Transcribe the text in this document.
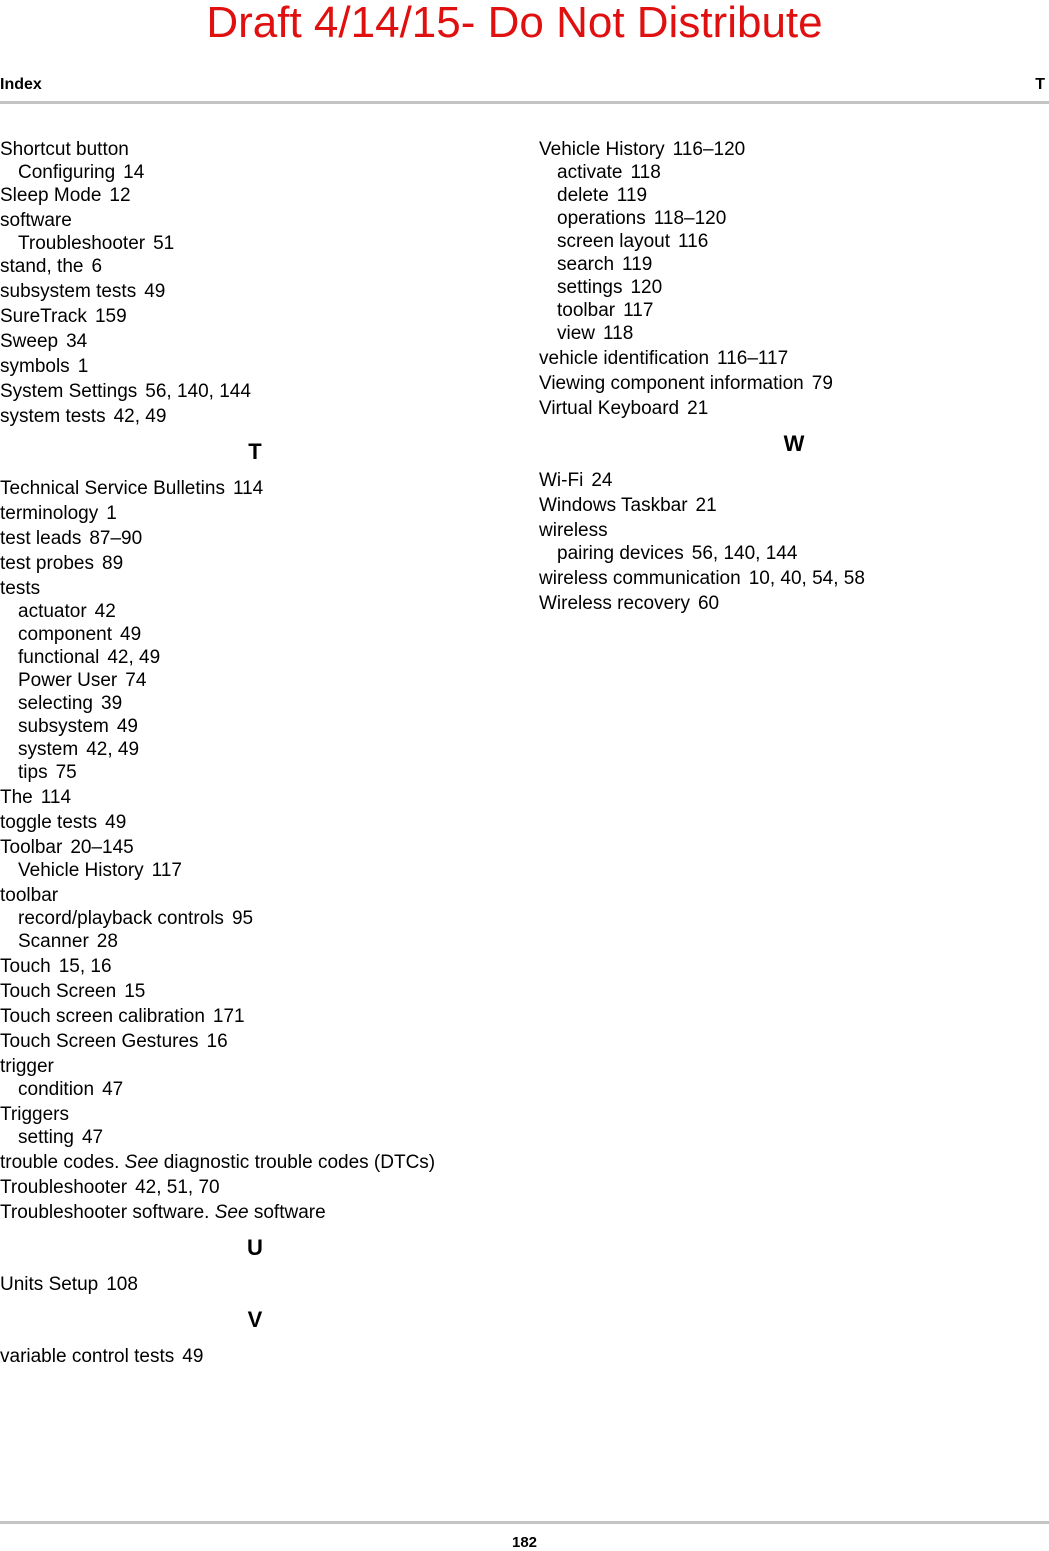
Draft 4/14/15- Do Not Distribute
Index	T
Shortcut button
Configuring 14
Sleep Mode 12
software
Troubleshooter 51
stand, the 6
subsystem tests 49
SureTrack 159
Sweep 34
symbols 1
System Settings 56, 140, 144
system tests 42, 49
T
Technical Service Bulletins 114
terminology 1
test leads 87–90
test probes 89
tests
actuator 42
component 49
functional 42, 49
Power User 74
selecting 39
subsystem 49
system 42, 49
tips 75
The 114
toggle tests 49
Toolbar 20–145
Vehicle History 117
toolbar
record/playback controls 95
Scanner 28
Touch 15, 16
Touch Screen 15
Touch screen calibration 171
Touch Screen Gestures 16
trigger
condition 47
Triggers
setting 47
trouble codes. See diagnostic trouble codes (DTCs)
Troubleshooter 42, 51, 70
Troubleshooter software. See software
U
Units Setup 108
V
variable control tests 49
Vehicle History 116–120
activate 118
delete 119
operations 118–120
screen layout 116
search 119
settings 120
toolbar 117
view 118
vehicle identification 116–117
Viewing component information 79
Virtual Keyboard 21
W
Wi-Fi 24
Windows Taskbar 21
wireless
pairing devices 56, 140, 144
wireless communication 10, 40, 54, 58
Wireless recovery 60
182
